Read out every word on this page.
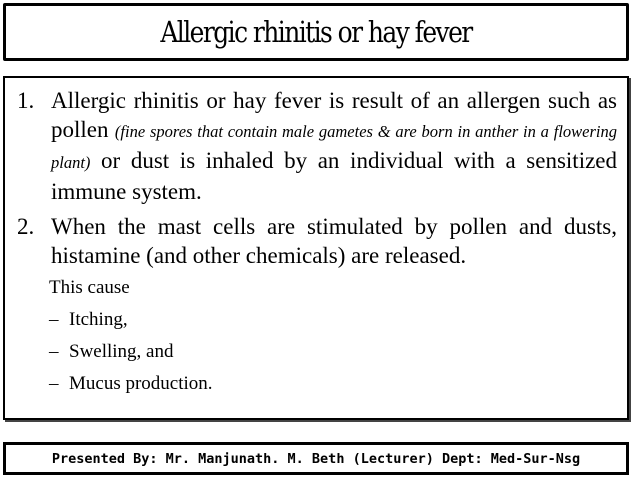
Allergic rhinitis or hay fever
1. Allergic rhinitis or hay fever is result of an allergen such as pollen (fine spores that contain male gametes & are born in anther in a flowering plant) or dust is inhaled by an individual with a sensitized immune system.
2. When the mast cells are stimulated by pollen and dusts, histamine (and other chemicals) are released.
This cause
– Itching,
– Swelling, and
– Mucus production.
Presented By: Mr. Manjunath. M. Beth (Lecturer) Dept: Med-Sur-Nsg
